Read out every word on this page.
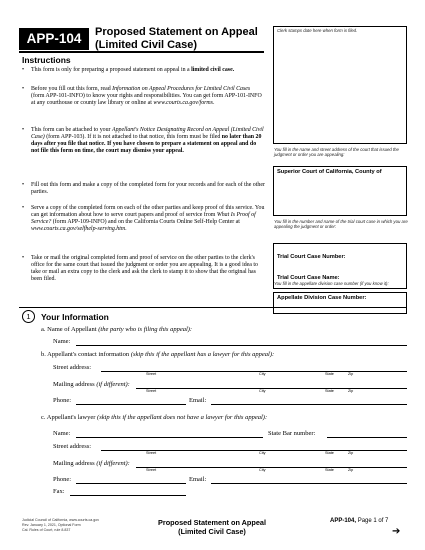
APP-104	Proposed Statement on Appeal
(Limited Civil Case)
Clerk stamps date here when form is filed.
You fill in the name and street address of the court that issued the judgment or order you are appealing:
Superior Court of California, County of
You fill in the number and name of the trial court case in which you are appealing the judgment or order:
Trial Court Case Number:
Trial Court Case Name:
You fill in the appellate division case number (if you know it):
Appellate Division Case Number:
Instructions
•	This form is only for preparing a proposed statement on appeal in a limited civil case.
•	Before you fill out this form, read Information on Appeal Procedures for Limited Civil Cases (form APP-101-INFO) to know your rights and responsibilities. You can get form APP-101-INFO at any courthouse or county law library or online at www.courts.ca.gov/forms.
•	This form can be attached to your Appellant's Notice Designating Record on Appeal (Limited Civil Case) (form APP-103). If it is not attached to that notice, this form must be filed no later than 20 days after you file that notice. If you have chosen to prepare a statement on appeal and do not file this form on time, the court may dismiss your appeal.
•	Fill out this form and make a copy of the completed form for your records and for each of the other parties.
•	Serve a copy of the completed form on each of the other parties and keep proof of this service. You can get information about how to serve court papers and proof of service from What Is Proof of Service? (form APP-109-INFO) and on the California Courts Online Self-Help Center at www.courts.ca.gov/selfhelp-serving.htm.
•	Take or mail the original completed form and proof of service on the other parties to the clerk's office for the same court that issued the judgment or order you are appealing. It is a good idea to take or mail an extra copy to the clerk and ask the clerk to stamp it to show that the original has been filed.
1	Your Information
a. Name of Appellant (the party who is filing this appeal):
Name:
b. Appellant's contact information (skip this if the appellant has a lawyer for this appeal):
Street address:
Street	City	State	Zip
Mailing address (if different):
Street	City	State	Zip
Phone:	Email:
c. Appellant's lawyer (skip this if the appellant does not have a lawyer for this appeal):
Name:	State Bar number:
Street address:
Street	City	State	Zip
Mailing address (if different):
Street	City	State	Zip
Phone:	Email:
Fax:
Judicial Council of California, www.courts.ca.gov
Rev. January 1, 2021, Optional Form
Cal. Rules of Court, rule 8.837
Proposed Statement on Appeal
(Limited Civil Case)
APP-104, Page 1 of 7
➔
